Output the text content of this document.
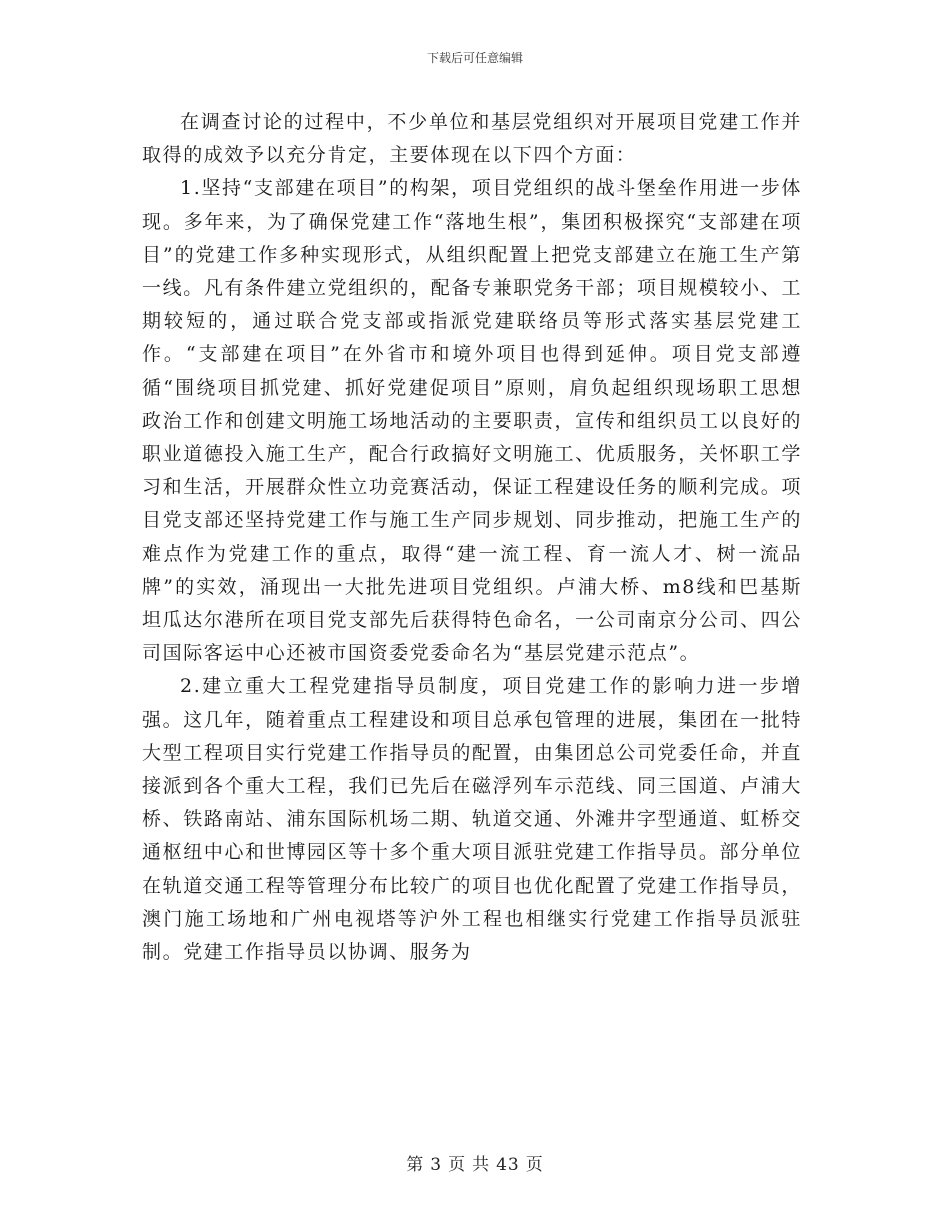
下载后可任意编辑

在调查讨论的过程中，不少单位和基层党组织对开展项目党建工作并取得的成效予以充分肯定，主要体现在以下四个方面：

1.坚持“支部建在项目”的构架，项目党组织的战斗堡垒作用进一步体现。多年来，为了确保党建工作“落地生根”，集团积极探究“支部建在项目”的党建工作多种实现形式，从组织配置上把党支部建立在施工生产第一线。凡有条件建立党组织的，配备专兼职党务干部；项目规模较小、工期较短的，通过联合党支部或指派党建联络员等形式落实基层党建工作。“支部建在项目”在外省市和境外项目也得到延伸。项目党支部遵循“围绕项目抓党建、抓好党建促项目”原则，肩负起组织现场职工思想政治工作和创建文明施工场地活动的主要职责，宣传和组织员工以良好的职业道德投入施工生产，配合行政搞好文明施工、优质服务，关怀职工学习和生活，开展群众性立功竞赛活动，保证工程建设任务的顺利完成。项目党支部还坚持党建工作与施工生产同步规划、同步推动，把施工生产的难点作为党建工作的重点，取得“建一流工程、育一流人才、树一流品牌”的实效，涌现出一大批先进项目党组织。卢浦大桥、m8线和巴基斯坦瓜达尔港所在项目党支部先后获得特色命名，一公司南京分公司、四公司国际客运中心还被市国资委党委命名为“基层党建示范点”。

2.建立重大工程党建指导员制度，项目党建工作的影响力进一步增强。这几年，随着重点工程建设和项目总承包管理的进展，集团在一批特大型工程项目实行党建工作指导员的配置，由集团总公司党委任命，并直接派到各个重大工程，我们已先后在磁浮列车示范线、同三国道、卢浦大桥、铁路南站、浦东国际机场二期、轨道交通、外滩井字型通道、虹桥交通枢纽中心和世博园区等十多个重大项目派驻党建工作指导员。部分单位在轨道交通工程等管理分布比较广的项目也优化配置了党建工作指导员，澳门施工场地和广州电视塔等沪外工程也相继实行党建工作指导员派驻制。党建工作指导员以协调、服务为

第 3 页 共 43 页
